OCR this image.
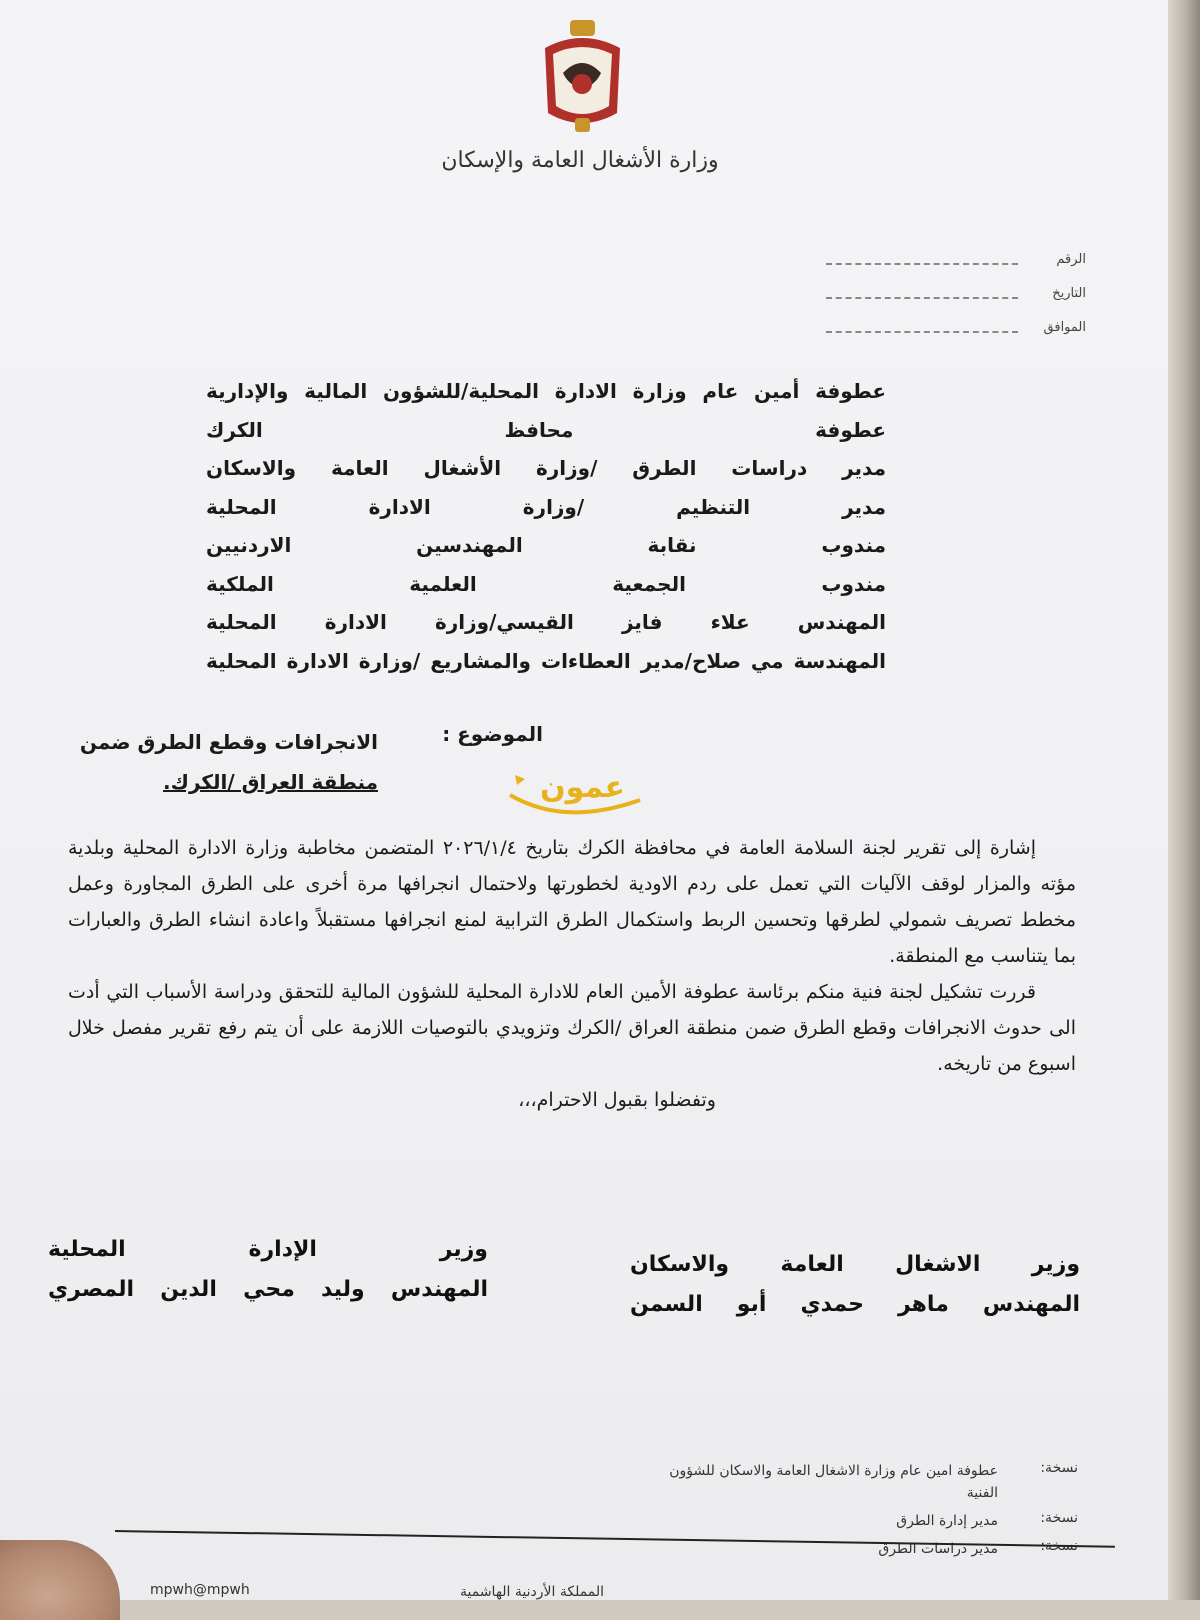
وزارة الأشغال العامة والإسكان
الرقم
التاريخ
الموافق
عطوفة أمين عام وزارة الادارة المحلية/للشؤون المالية والإدارية
عطوفة محافظ الكرك
مدير دراسات الطرق /وزارة الأشغال العامة والاسكان
مدير التنظيم /وزارة الادارة المحلية
مندوب نقابة المهندسين الاردنيين
مندوب الجمعية العلمية الملكية
المهندس علاء فايز القيسي/وزارة الادارة المحلية
المهندسة مي صلاح/مدير العطاءات والمشاريع /وزارة الادارة المحلية
الموضوع :
الانجرافات وقطع الطرق ضمن
منطقة العراق /الكرك.	عمون

إشارة إلى تقرير لجنة السلامة العامة في محافظة الكرك بتاريخ ٢٠٢٦/١/٤ المتضمن مخاطبة وزارة الادارة المحلية وبلدية مؤته والمزار لوقف الآليات التي تعمل على ردم الاودية لخطورتها ولاحتمال انجرافها مرة أخرى على الطرق المجاورة وعمل مخطط تصريف شمولي لطرقها وتحسين الربط واستكمال الطرق الترابية لمنع انجرافها مستقبلاً واعادة انشاء الطرق والعبارات بما يتناسب مع المنطقة.

قررت تشكيل لجنة فنية منكم برئاسة عطوفة الأمين العام للادارة المحلية للشؤون المالية للتحقق ودراسة الأسباب التي أدت الى حدوث الانجرافات وقطع الطرق ضمن منطقة العراق /الكرك وتزويدي بالتوصيات اللازمة على أن يتم رفع تقرير مفصل خلال اسبوع من تاريخه.

وتفضلوا بقبول الاحترام،،،

وزير الاشغال العامة والاسكان
المهندس ماهر حمدي أبو السمن
وزير الإدارة المحلية
المهندس وليد محي الدين المصري
نسخة:
عطوفة امين عام وزارة الاشغال العامة والاسكان للشؤون الفنية
نسخة:
مدير إدارة الطرق
نسخة:
مدير دراسات الطرق
mpwh@mpwh	المملكة الأردنية الهاشمية
